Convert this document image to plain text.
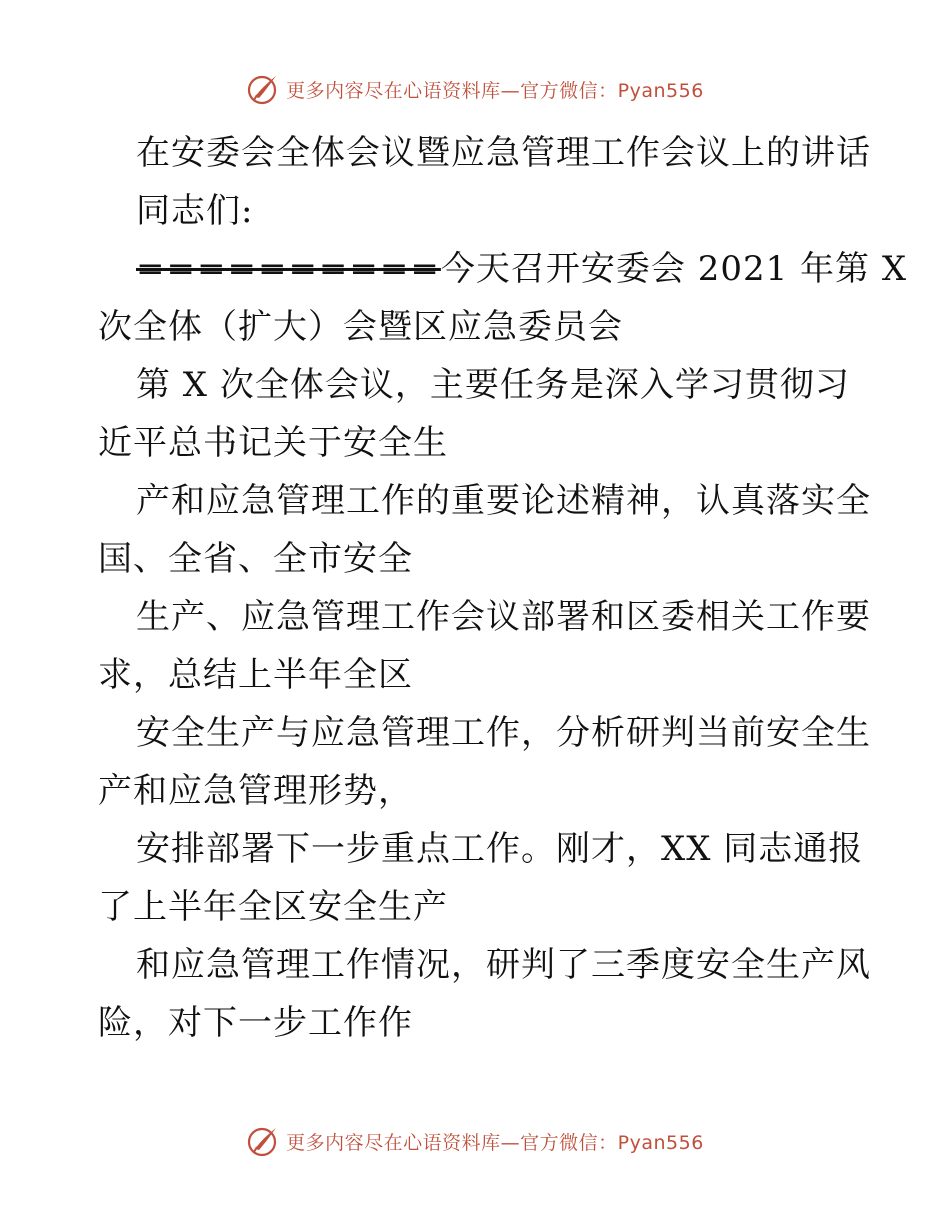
更多内容尽在心语资料库—官方微信：Pyan556
在安委会全体会议暨应急管理工作会议上的讲话
同志们:
==========今天召开安委会 2021 年第 X
次全体（扩大）会暨区应急委员会
第 X 次全体会议，主要任务是深入学习贯彻习
近平总书记关于安全生
产和应急管理工作的重要论述精神，认真落实全
国、全省、全市安全
生产、应急管理工作会议部署和区委相关工作要
求，总结上半年全区
安全生产与应急管理工作，分析研判当前安全生
产和应急管理形势，
安排部署下一步重点工作。刚才，XX 同志通报
了上半年全区安全生产
和应急管理工作情况，研判了三季度安全生产风
险，对下一步工作作
更多内容尽在心语资料库—官方微信：Pyan556
